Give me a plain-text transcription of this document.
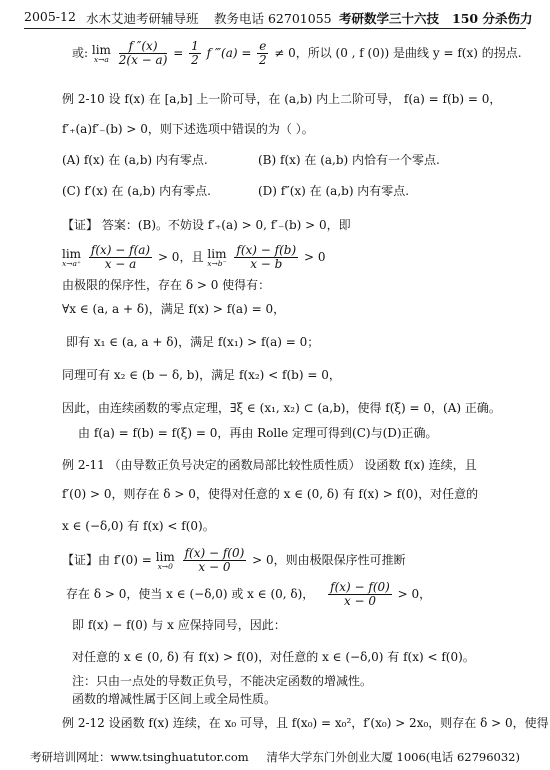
2005-12 水木艾迪考研辅导班 教务电话 62701055 考研数学三十六技 150 分杀伤力
或: lim
x→a
$\frac{f ''(x)}{2(x - a)} = \frac{1}{2}$ f ‴(a) = $\frac{e}{2} \ne 0$，所以 (0 , f (0)) 是曲线 y = f(x) 的拐点.
例 2-10 设 f(x) 在 [a,b] 上一阶可导，在 (a,b) 内上二阶可导， f(a) = f(b) = 0，
f′₊(a)f′₋(b) > 0，则下述选项中错误的为（ ）。
(A) f(x) 在 (a,b) 内有零点.	(B) f(x) 在 (a,b) 内恰有一个零点.
(C) f′(x) 在 (a,b) 内有零点.	(D) f″(x) 在 (a,b) 内有零点.
【证】 答案：(B)。不妨设 f′₊(a) > 0, f′₋(b) > 0，即
lim
x→a⁺
$\frac{f(x) - f(a)}{x - a} > 0$，且 lim
x→b⁻
$\frac{f(x) - f(b)}{x - b} > 0$
由极限的保序性，存在 δ > 0 使得有：
∀x ∈ (a, a + δ)，满足 f(x) > f(a) = 0，
即有 x₁ ∈ (a, a + δ)，满足 f(x₁) > f(a) = 0；
同理可有 x₂ ∈ (b − δ, b)，满足 f(x₂) < f(b) = 0，
因此，由连续函数的零点定理，∃ξ ∈ (x₁, x₂) ⊂ (a,b)，使得 f(ξ) = 0，(A) 正确。
由 f(a) = f(b) = f(ξ) = 0，再由 Rolle 定理可得到(C)与(D)正确。
例 2-11 （由导数正负号决定的函数局部比较性质性质） 设函数 f(x) 连续，且
f′(0) > 0，则存在 δ > 0，使得对任意的 x ∈ (0, δ) 有 f(x) > f(0)，对任意的
x ∈ (−δ,0) 有 f(x) < f(0)。
【证】由 f′(0) = lim
x→0
$\frac{f(x) - f(0)}{x - 0} > 0$，则由极限保序性可推断
存在 δ > 0，使当 x ∈ (−δ,0) 或 x ∈ (0, δ)， $\frac{f(x) - f(0)}{x - 0} > 0$，
即 f(x) − f(0) 与 x 应保持同号，因此：
对任意的 x ∈ (0, δ) 有 f(x) > f(0)，对任意的 x ∈ (−δ,0) 有 f(x) < f(0)。
注：只由一点处的导数正负号，不能决定函数的增减性。
函数的增减性属于区间上或全局性质。
例 2-12 设函数 f(x) 连续，在 x₀ 可导，且 f(x₀) = x₀²，f′(x₀) > 2x₀，则存在 δ > 0，使得
考研培训网址：www.tsinghuatutor.com 清华大学东门外创业大厦 1006(电话 62796032)
